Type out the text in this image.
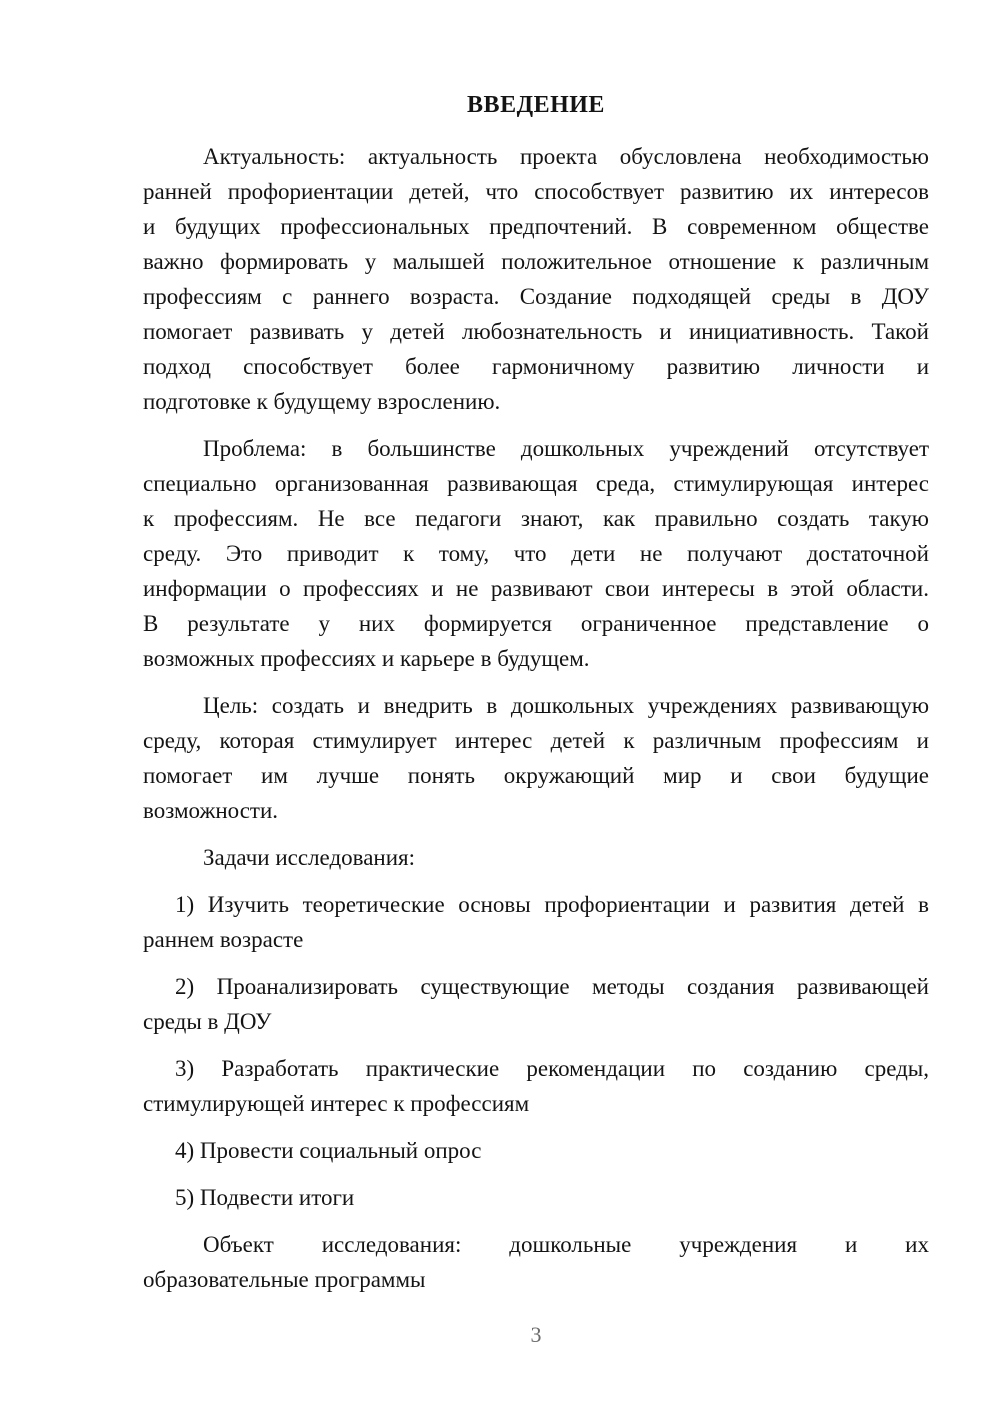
ВВЕДЕНИЕ
Актуальность: актуальность проекта обусловлена необходимостью
ранней профориентации детей, что способствует развитию их интересов
и будущих профессиональных предпочтений. В современном обществе
важно формировать у малышей положительное отношение к различным
профессиям с раннего возраста. Создание подходящей среды в ДОУ
помогает развивать у детей любознательность и инициативность. Такой
подход способствует более гармоничному развитию личности и
подготовке к будущему взрослению.
Проблема: в большинстве дошкольных учреждений отсутствует
специально организованная развивающая среда, стимулирующая интерес
к профессиям. Не все педагоги знают, как правильно создать такую
среду. Это приводит к тому, что дети не получают достаточной
информации о профессиях и не развивают свои интересы в этой области.
В результате у них формируется ограниченное представление о
возможных профессиях и карьере в будущем.
Цель: создать и внедрить в дошкольных учреждениях развивающую
среду, которая стимулирует интерес детей к различным профессиям и
помогает им лучше понять окружающий мир и свои будущие
возможности.
Задачи исследования:
1) Изучить теоретические основы профориентации и развития детей в
раннем возрасте
2) Проанализировать существующие методы создания развивающей
среды в ДОУ
3) Разработать практические рекомендации по созданию среды,
стимулирующей интерес к профессиям
4) Провести социальный опрос
5) Подвести итоги
Объект исследования: дошкольные учреждения и их
образовательные программы
3
